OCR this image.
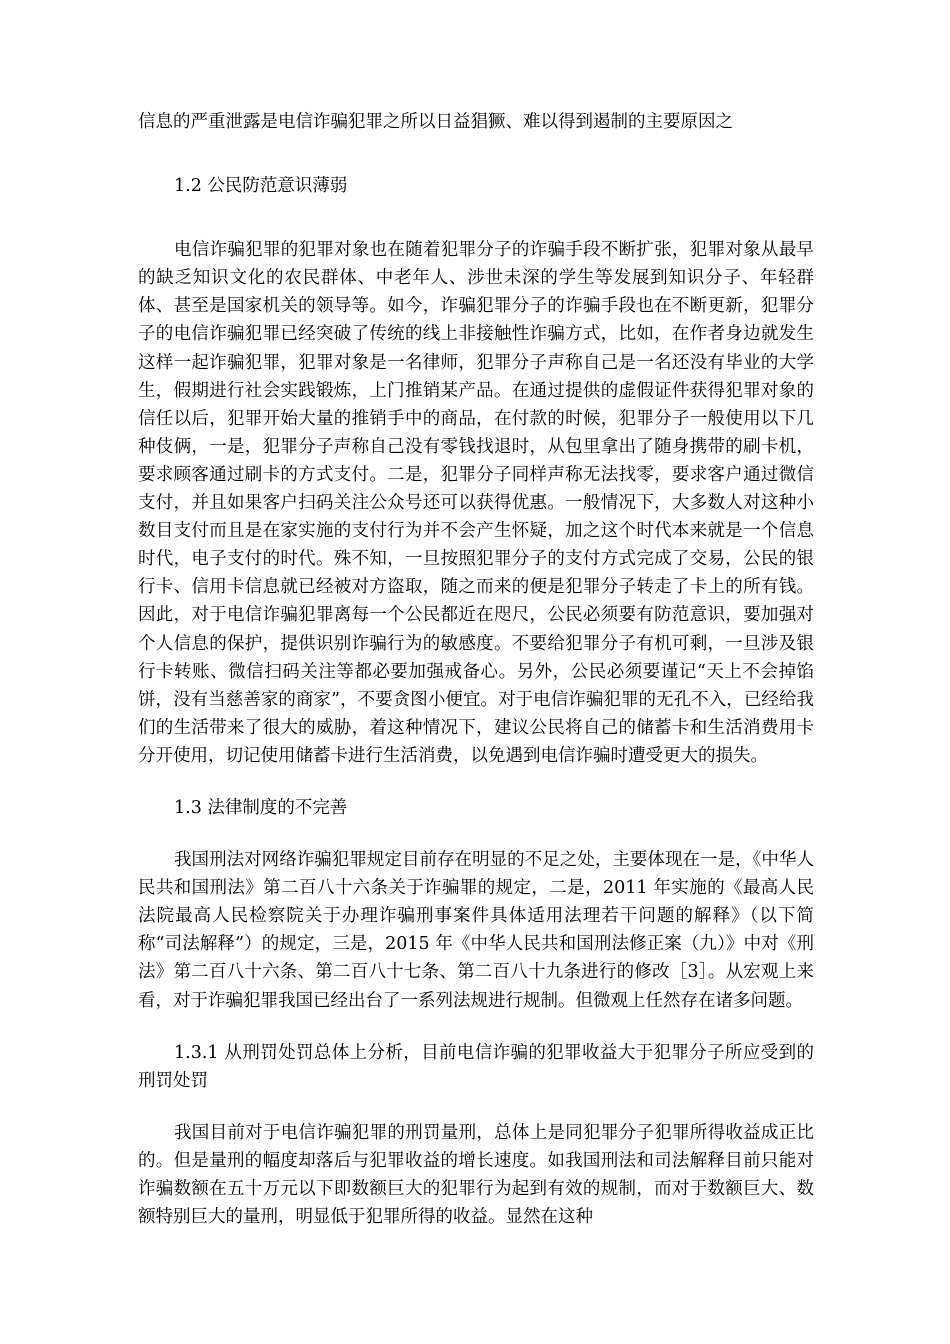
信息的严重泄露是电信诈骗犯罪之所以日益猖獗、难以得到遏制的主要原因之

1.2 公民防范意识薄弱

电信诈骗犯罪的犯罪对象也在随着犯罪分子的诈骗手段不断扩张，犯罪对象从最早的缺乏知识文化的农民群体、中老年人、涉世未深的学生等发展到知识分子、年轻群体、甚至是国家机关的领导等。如今，诈骗犯罪分子的诈骗手段也在不断更新，犯罪分子的电信诈骗犯罪已经突破了传统的线上非接触性诈骗方式，比如，在作者身边就发生这样一起诈骗犯罪，犯罪对象是一名律师，犯罪分子声称自己是一名还没有毕业的大学生，假期进行社会实践锻炼，上门推销某产品。在通过提供的虚假证件获得犯罪对象的信任以后，犯罪开始大量的推销手中的商品，在付款的时候，犯罪分子一般使用以下几种伎俩，一是，犯罪分子声称自己没有零钱找退时，从包里拿出了随身携带的刷卡机，要求顾客通过刷卡的方式支付。二是，犯罪分子同样声称无法找零，要求客户通过微信支付，并且如果客户扫码关注公众号还可以获得优惠。一般情况下，大多数人对这种小数目支付而且是在家实施的支付行为并不会产生怀疑，加之这个时代本来就是一个信息时代，电子支付的时代。殊不知，一旦按照犯罪分子的支付方式完成了交易，公民的银行卡、信用卡信息就已经被对方盗取，随之而来的便是犯罪分子转走了卡上的所有钱。因此，对于电信诈骗犯罪离每一个公民都近在咫尺，公民必须要有防范意识，要加强对个人信息的保护，提供识别诈骗行为的敏感度。不要给犯罪分子有机可剩，一旦涉及银行卡转账、微信扫码关注等都必要加强戒备心。另外，公民必须要谨记“天上不会掉馅饼，没有当慈善家的商家”，不要贪图小便宜。对于电信诈骗犯罪的无孔不入，已经给我们的生活带来了很大的威胁，着这种情况下，建议公民将自己的储蓄卡和生活消费用卡分开使用，切记使用储蓄卡进行生活消费，以免遇到电信诈骗时遭受更大的损失。

1.3 法律制度的不完善

我国刑法对网络诈骗犯罪规定目前存在明显的不足之处，主要体现在一是，《中华人民共和国刑法》第二百八十六条关于诈骗罪的规定，二是，2011 年实施的《最高人民法院最高人民检察院关于办理诈骗刑事案件具体适用法理若干问题的解释》（以下简称“司法解释”）的规定，三是，2015 年《中华人民共和国刑法修正案（九）》中对《刑法》第二百八十六条、第二百八十七条、第二百八十九条进行的修改［3］。从宏观上来看，对于诈骗犯罪我国已经出台了一系列法规进行规制。但微观上任然存在诸多问题。

1.3.1 从刑罚处罚总体上分析，目前电信诈骗的犯罪收益大于犯罪分子所应受到的刑罚处罚

我国目前对于电信诈骗犯罪的刑罚量刑，总体上是同犯罪分子犯罪所得收益成正比的。但是量刑的幅度却落后与犯罪收益的增长速度。如我国刑法和司法解释目前只能对诈骗数额在五十万元以下即数额巨大的犯罪行为起到有效的规制，而对于数额巨大、数额特别巨大的量刑，明显低于犯罪所得的收益。显然在这种
